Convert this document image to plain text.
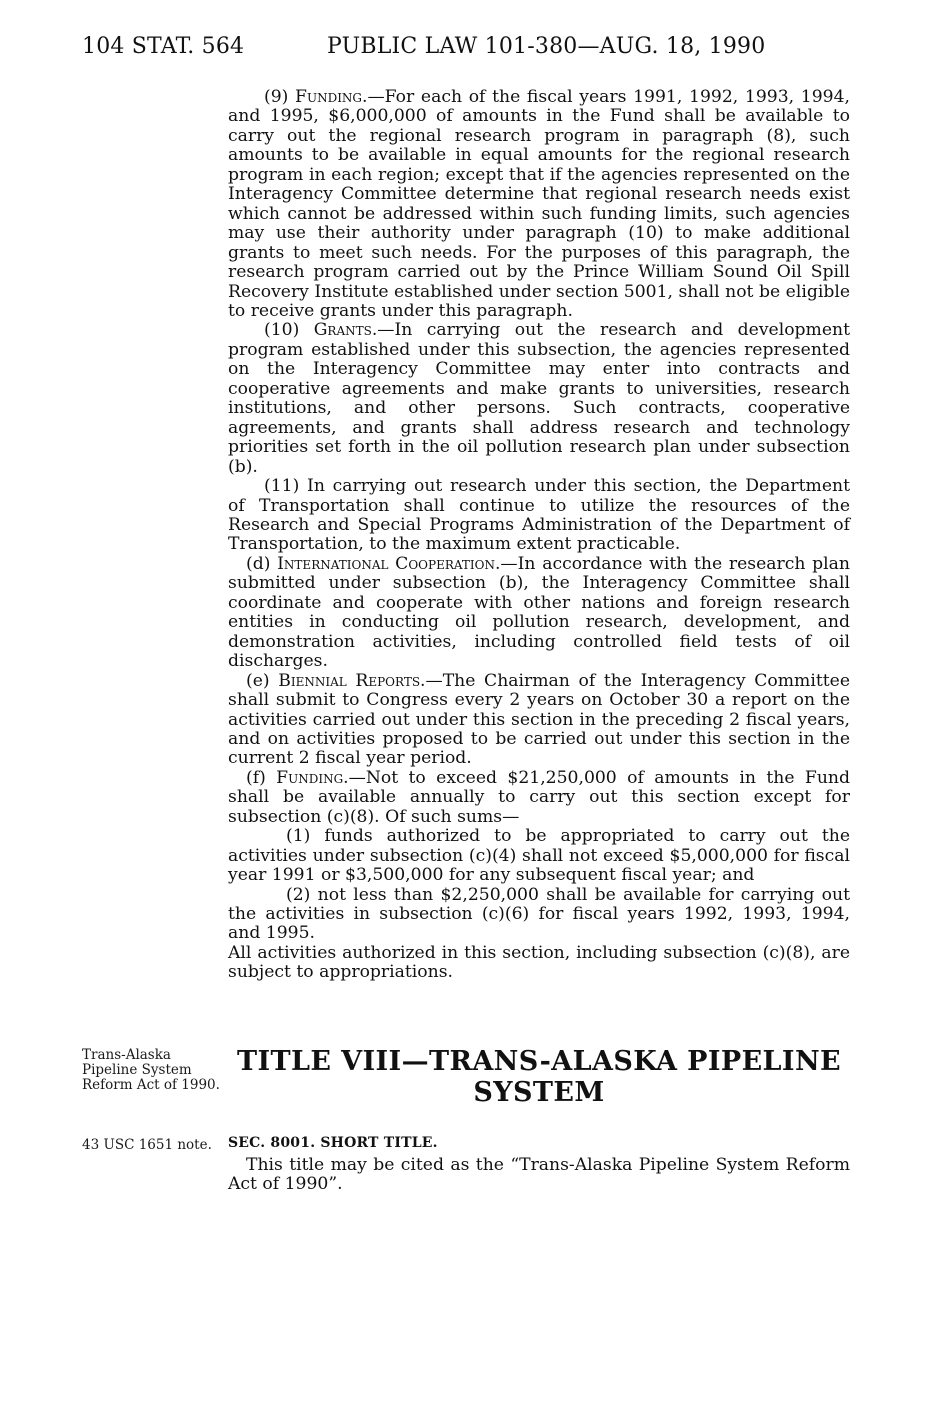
104 STAT. 564	PUBLIC LAW 101-380—AUG. 18, 1990

(9) Funding.—For each of the fiscal years 1991, 1992, 1993, 1994, and 1995, $6,000,000 of amounts in the Fund shall be available to carry out the regional research program in paragraph (8), such amounts to be available in equal amounts for the regional research program in each region; except that if the agencies represented on the Interagency Committee determine that regional research needs exist which cannot be addressed within such funding limits, such agencies may use their authority under paragraph (10) to make additional grants to meet such needs. For the purposes of this paragraph, the research program carried out by the Prince William Sound Oil Spill Recovery Institute established under section 5001, shall not be eligible to receive grants under this paragraph.

(10) Grants.—In carrying out the research and development program established under this subsection, the agencies represented on the Interagency Committee may enter into contracts and cooperative agreements and make grants to universities, research institutions, and other persons. Such contracts, cooperative agreements, and grants shall address research and technology priorities set forth in the oil pollution research plan under subsection (b).

(11) In carrying out research under this section, the Department of Transportation shall continue to utilize the resources of the Research and Special Programs Administration of the Department of Transportation, to the maximum extent practicable.

(d) International Cooperation.—In accordance with the research plan submitted under subsection (b), the Interagency Committee shall coordinate and cooperate with other nations and foreign research entities in conducting oil pollution research, development, and demonstration activities, including controlled field tests of oil discharges.

(e) Biennial Reports.—The Chairman of the Interagency Committee shall submit to Congress every 2 years on October 30 a report on the activities carried out under this section in the preceding 2 fiscal years, and on activities proposed to be carried out under this section in the current 2 fiscal year period.

(f) Funding.—Not to exceed $21,250,000 of amounts in the Fund shall be available annually to carry out this section except for subsection (c)(8). Of such sums—

(1) funds authorized to be appropriated to carry out the activities under subsection (c)(4) shall not exceed $5,000,000 for fiscal year 1991 or $3,500,000 for any subsequent fiscal year; and

(2) not less than $2,250,000 shall be available for carrying out the activities in subsection (c)(6) for fiscal years 1992, 1993, 1994, and 1995.

All activities authorized in this section, including subsection (c)(8), are subject to appropriations.

Trans-Alaska Pipeline System Reform Act of 1990.
43 USC 1651 note.
TITLE VIII—TRANS-ALASKA PIPELINE SYSTEM
SEC. 8001. SHORT TITLE.
This title may be cited as the “Trans-Alaska Pipeline System Reform Act of 1990”.
